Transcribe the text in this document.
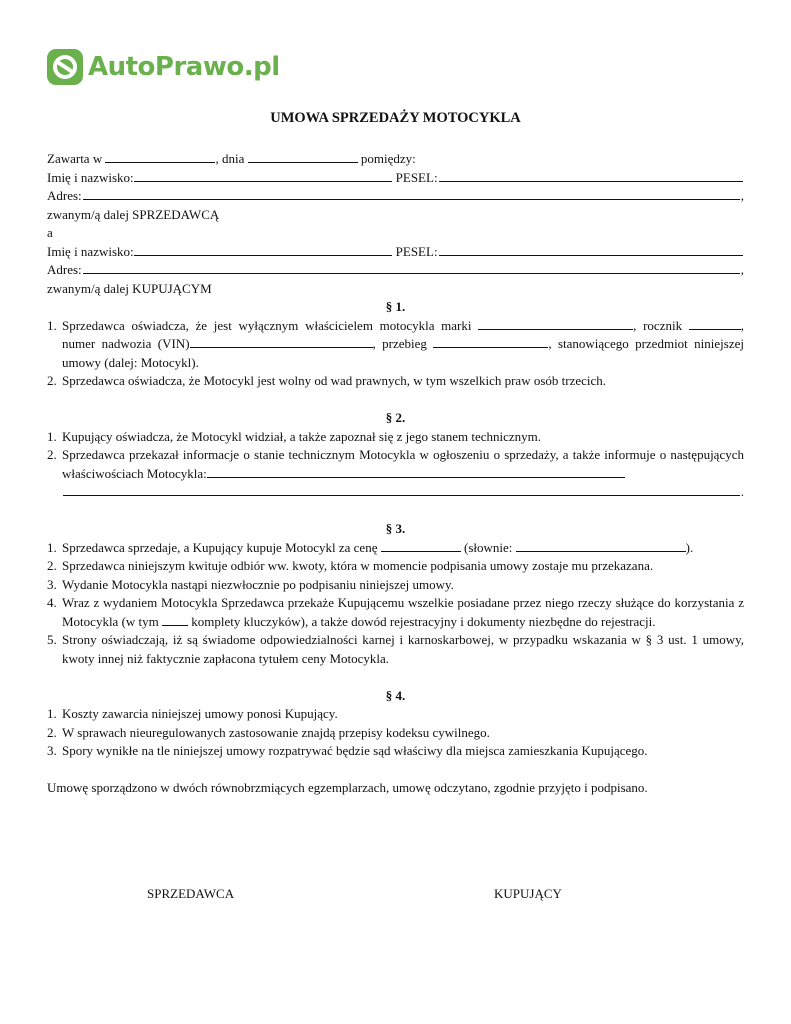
AutoPrawo.pl
UMOWA SPRZEDAŻY MOTOCYKLA
Zawarta w	, dnia	pomiędzy:
Imię i nazwisko:	PESEL:
Adres:	,
zwanym/ą dalej SPRZEDAWCĄ
a
Imię i nazwisko:	PESEL:
Adres:	,
zwanym/ą dalej KUPUJĄCYM
§ 1.
1. Sprzedawca oświadcza, że jest wyłącznym właścicielem motocykla marki	, rocznik	, numer nadwozia (VIN)	, przebieg	, stanowiącego przedmiot niniejszej umowy (dalej: Motocykl).
2. Sprzedawca oświadcza, że Motocykl jest wolny od wad prawnych, w tym wszelkich praw osób trzecich.
§ 2.
1. Kupujący oświadcza, że Motocykl widział, a także zapoznał się z jego stanem technicznym.
2. Sprzedawca przekazał informacje o stanie technicznym Motocykla w ogłoszeniu o sprzedaży, a także informuje o następujących właściwościach Motocykla:
.
§ 3.
1. Sprzedawca sprzedaje, a Kupujący kupuje Motocykl za cenę	(słownie:	).
2. Sprzedawca niniejszym kwituje odbiór ww. kwoty, która w momencie podpisania umowy zostaje mu przekazana.
3. Wydanie Motocykla nastąpi niezwłocznie po podpisaniu niniejszej umowy.
4. Wraz z wydaniem Motocykla Sprzedawca przekaże Kupującemu wszelkie posiadane przez niego rzeczy służące do korzystania z Motocykla (w tym	komplety kluczyków), a także dowód rejestracyjny i dokumenty niezbędne do rejestracji.
5. Strony oświadczają, iż są świadome odpowiedzialności karnej i karnoskarbowej, w przypadku wskazania w § 3 ust. 1 umowy, kwoty innej niż faktycznie zapłacona tytułem ceny Motocykla.
§ 4.
1. Koszty zawarcia niniejszej umowy ponosi Kupujący.
2. W sprawach nieuregulowanych zastosowanie znajdą przepisy kodeksu cywilnego.
3. Spory wynikłe na tle niniejszej umowy rozpatrywać będzie sąd właściwy dla miejsca zamieszkania Kupującego.
Umowę sporządzono w dwóch równobrzmiących egzemplarzach, umowę odczytano, zgodnie przyjęto i podpisano.
SPRZEDAWCA	KUPUJĄCY
